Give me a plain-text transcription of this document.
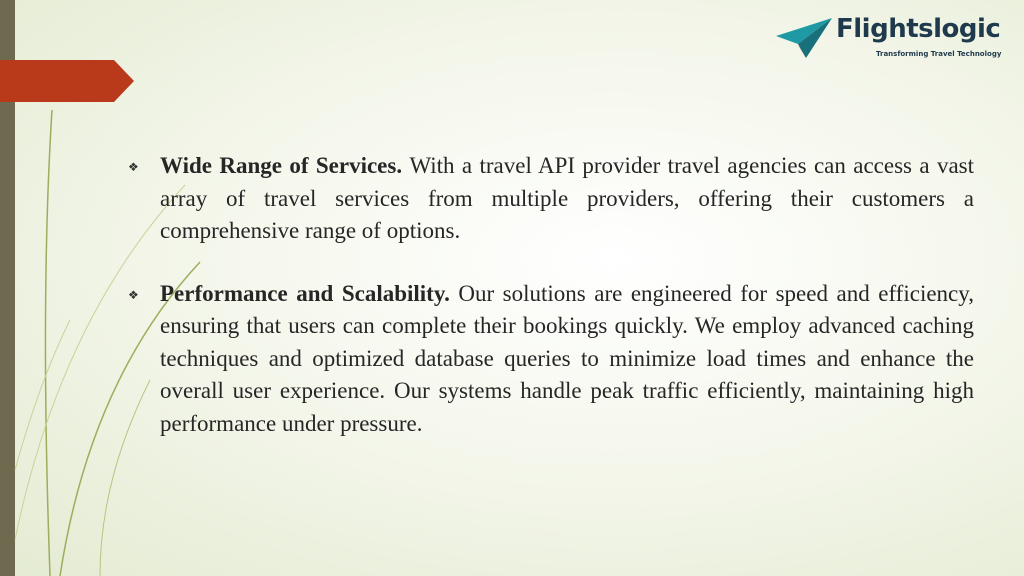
Flightslogic
Transforming Travel Technology
❖ Wide Range of Services. With a travel API provider travel agencies can access a vast array of travel services from multiple providers, offering their customers a comprehensive range of options.
❖ Performance and Scalability. Our solutions are engineered for speed and efficiency, ensuring that users can complete their bookings quickly. We employ advanced caching techniques and optimized database queries to minimize load times and enhance the overall user experience. Our systems handle peak traffic efficiently, maintaining high performance under pressure.
